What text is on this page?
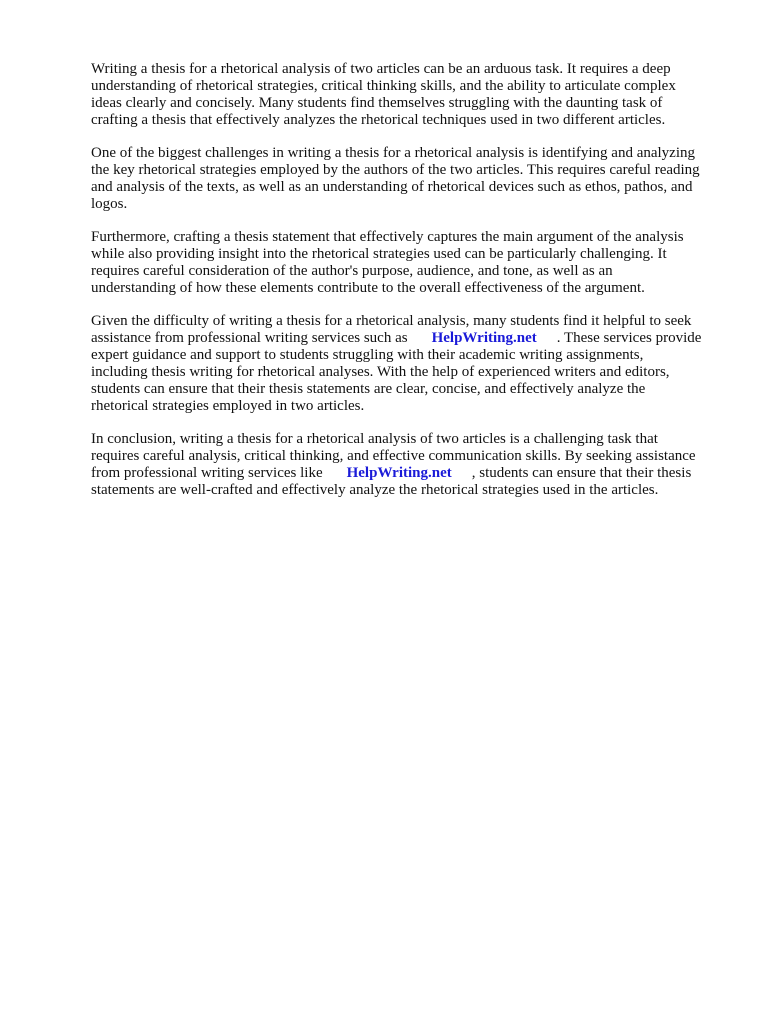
Writing a thesis for a rhetorical analysis of two articles can be an arduous task. It requires a deep
understanding of rhetorical strategies, critical thinking skills, and the ability to articulate complex
ideas clearly and concisely. Many students find themselves struggling with the daunting task of
crafting a thesis that effectively analyzes the rhetorical techniques used in two different articles.

One of the biggest challenges in writing a thesis for a rhetorical analysis is identifying and analyzing
the key rhetorical strategies employed by the authors of the two articles. This requires careful reading
and analysis of the texts, as well as an understanding of rhetorical devices such as ethos, pathos, and
logos.

Furthermore, crafting a thesis statement that effectively captures the main argument of the analysis
while also providing insight into the rhetorical strategies used can be particularly challenging. It
requires careful consideration of the author's purpose, audience, and tone, as well as an
understanding of how these elements contribute to the overall effectiveness of the argument.

Given the difficulty of writing a thesis for a rhetorical analysis, many students find it helpful to seek
assistance from professional writing services such as HelpWriting.net . These services provide
expert guidance and support to students struggling with their academic writing assignments,
including thesis writing for rhetorical analyses. With the help of experienced writers and editors,
students can ensure that their thesis statements are clear, concise, and effectively analyze the
rhetorical strategies employed in two articles.

In conclusion, writing a thesis for a rhetorical analysis of two articles is a challenging task that
requires careful analysis, critical thinking, and effective communication skills. By seeking assistance
from professional writing services like HelpWriting.net , students can ensure that their thesis
statements are well-crafted and effectively analyze the rhetorical strategies used in the articles.
